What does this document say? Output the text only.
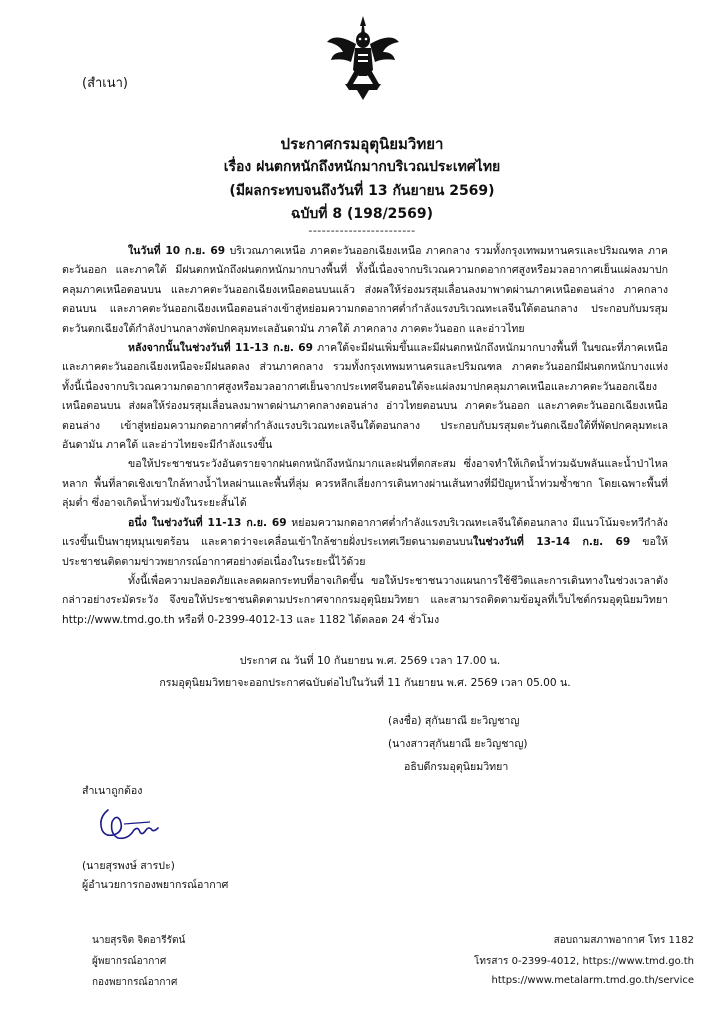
(สำเนา)
ประกาศกรมอุตุนิยมวิทยา
เรื่อง ฝนตกหนักถึงหนักมากบริเวณประเทศไทย
(มีผลกระทบจนถึงวันที่ 13 กันยายน 2569)
ฉบับที่ 8 (198/2569)
------------------------

ในวันที่ 10 ก.ย. 69 บริเวณภาคเหนือ ภาคตะวันออกเฉียงเหนือ ภาคกลาง รวมทั้งกรุงเทพมหานครและปริมณฑล ภาคตะวันออก และภาคใต้ มีฝนตกหนักถึงฝนตกหนักมากบางพื้นที่ ทั้งนี้เนื่องจากบริเวณความกดอากาศสูงหรือมวลอากาศเย็นแผ่ลงมาปกคลุมภาคเหนือตอนบน และภาคตะวันออกเฉียงเหนือตอนบนแล้ว ส่งผลให้ร่องมรสุมเลื่อนลงมาพาดผ่านภาคเหนือตอนล่าง ภาคกลางตอนบน และภาคตะวันออกเฉียงเหนือตอนล่างเข้าสู่หย่อมความกดอากาศต่ำกำลังแรงบริเวณทะเลจีนใต้ตอนกลาง ประกอบกับมรสุมตะวันตกเฉียงใต้กำลังปานกลางพัดปกคลุมทะเลอันดามัน ภาคใต้ ภาคกลาง ภาคตะวันออก และอ่าวไทย

หลังจากนั้นในช่วงวันที่ 11-13 ก.ย. 69 ภาคใต้จะมีฝนเพิ่มขึ้นและมีฝนตกหนักถึงหนักมากบางพื้นที่ ในขณะที่ภาคเหนือและภาคตะวันออกเฉียงเหนือจะมีฝนลดลง ส่วนภาคกลาง รวมทั้งกรุงเทพมหานครและปริมณฑล ภาคตะวันออกมีฝนตกหนักบางแห่ง ทั้งนี้เนื่องจากบริเวณความกดอากาศสูงหรือมวลอากาศเย็นจากประเทศจีนตอนใต้จะแผ่ลงมาปกคลุมภาคเหนือและภาคตะวันออกเฉียงเหนือตอนบน ส่งผลให้ร่องมรสุมเลื่อนลงมาพาดผ่านภาคกลางตอนล่าง อ่าวไทยตอนบน ภาคตะวันออก และภาคตะวันออกเฉียงเหนือตอนล่าง เข้าสู่หย่อมความกดอากาศต่ำกำลังแรงบริเวณทะเลจีนใต้ตอนกลาง ประกอบกับมรสุมตะวันตกเฉียงใต้ที่พัดปกคลุมทะเลอันดามัน ภาคใต้ และอ่าวไทยจะมีกำลังแรงขึ้น

ขอให้ประชาชนระวังอันตรายจากฝนตกหนักถึงหนักมากและฝนที่ตกสะสม ซึ่งอาจทำให้เกิดน้ำท่วมฉับพลันและน้ำป่าไหลหลาก พื้นที่ลาดเชิงเขาใกล้ทางน้ำไหลผ่านและพื้นที่ลุ่ม ควรหลีกเลี่ยงการเดินทางผ่านเส้นทางที่มีปัญหาน้ำท่วมซ้ำซาก โดยเฉพาะพื้นที่ลุ่มต่ำ ซึ่งอาจเกิดน้ำท่วมขังในระยะสั้นได้

อนึ่ง ในช่วงวันที่ 11-13 ก.ย. 69 หย่อมความกดอากาศต่ำกำลังแรงบริเวณทะเลจีนใต้ตอนกลาง มีแนวโน้มจะทวีกำลังแรงขึ้นเป็นพายุหมุนเขตร้อน และคาดว่าจะเคลื่อนเข้าใกล้ชายฝั่งประเทศเวียดนามตอนบนในช่วงวันที่ 13-14 ก.ย. 69 ขอให้ประชาชนติดตามข่าวพยากรณ์อากาศอย่างต่อเนื่องในระยะนี้ไว้ด้วย

ทั้งนี้เพื่อความปลอดภัยและลดผลกระทบที่อาจเกิดขึ้น ขอให้ประชาชนวางแผนการใช้ชีวิตและการเดินทางในช่วงเวลาดังกล่าวอย่างระมัดระวัง จึงขอให้ประชาชนติดตามประกาศจากกรมอุตุนิยมวิทยา และสามารถติดตามข้อมูลที่เว็บไซต์กรมอุตุนิยมวิทยา http://www.tmd.go.th หรือที่ 0-2399-4012-13 และ 1182 ได้ตลอด 24 ชั่วโมง

ประกาศ ณ วันที่ 10 กันยายน พ.ศ. 2569 เวลา 17.00 น.
กรมอุตุนิยมวิทยาจะออกประกาศฉบับต่อไปในวันที่ 11 กันยายน พ.ศ. 2569 เวลา 05.00 น.
(ลงชื่อ) สุกันยาณี ยะวิญชาญ
(นางสาวสุกันยาณี ยะวิญชาญ)
อธิบดีกรมอุตุนิยมวิทยา
สำเนาถูกต้อง
(นายสุรพงษ์ สารปะ)
ผู้อำนวยการกองพยากรณ์อากาศ
นายสุรจิต จิตอารีรัตน์
ผู้พยากรณ์อากาศ
กองพยากรณ์อากาศ
สอบถามสภาพอากาศ โทร 1182
โทรสาร 0-2399-4012, https://www.tmd.go.th
https://www.metalarm.tmd.go.th/service
